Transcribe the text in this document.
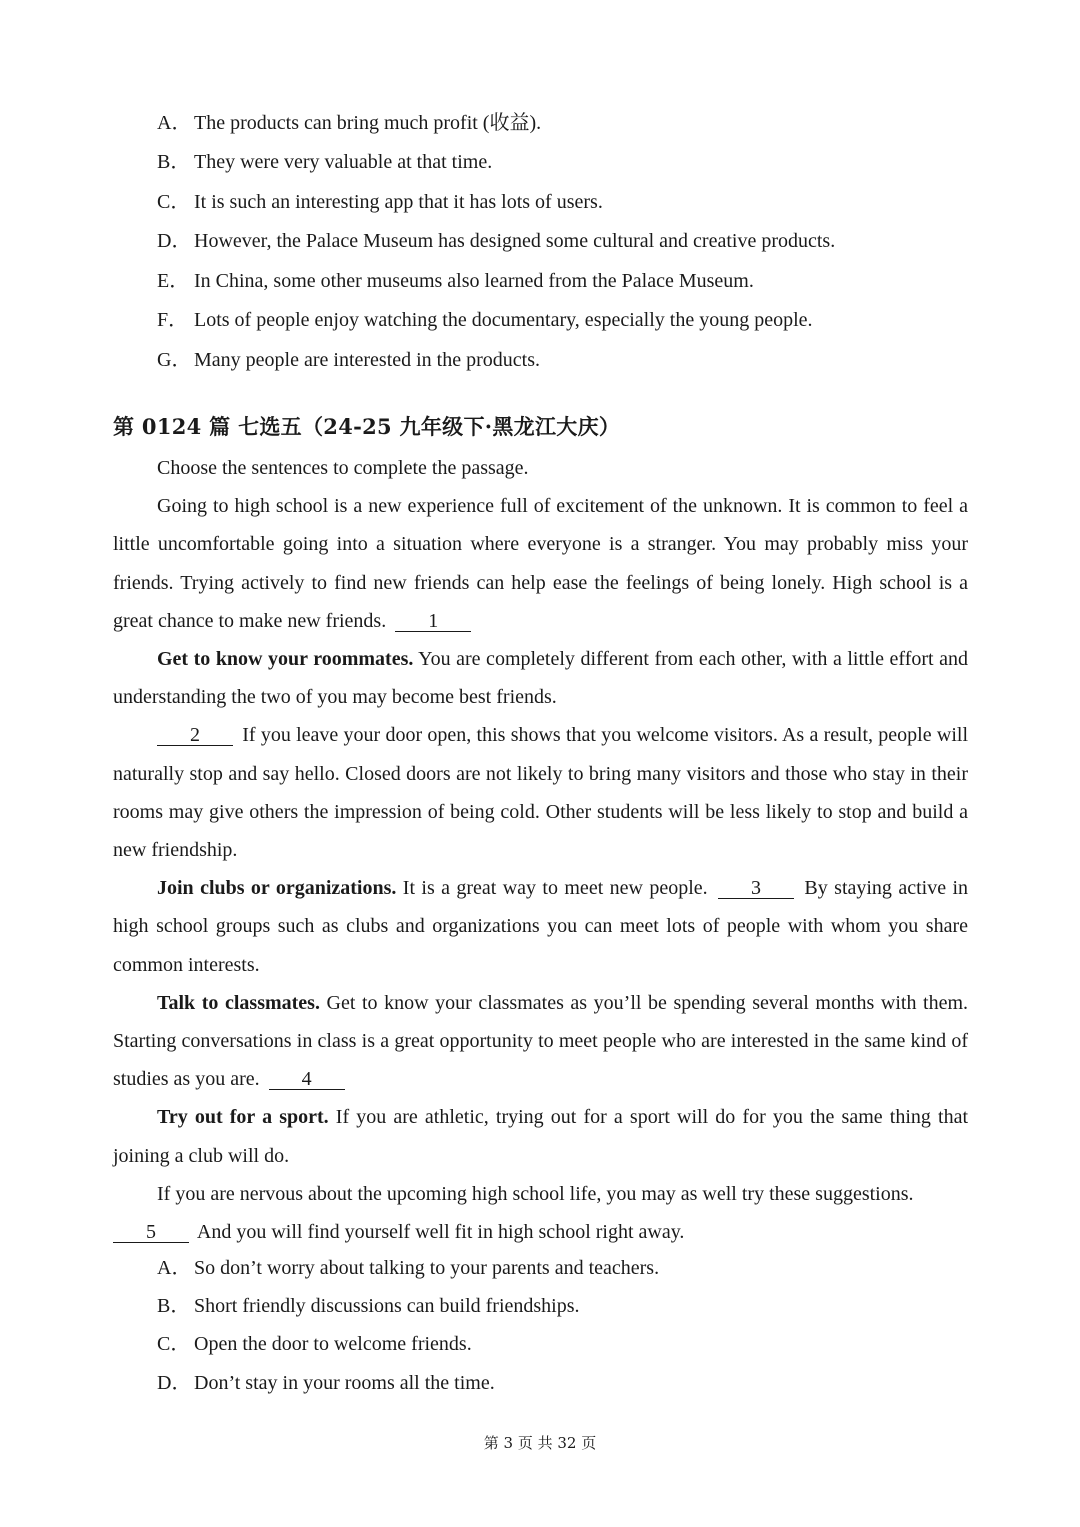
A． The products can bring much profit (收益).
B． They were very valuable at that time.
C． It is such an interesting app that it has lots of users.
D． However, the Palace Museum has designed some cultural and creative products.
E． In China, some other museums also learned from the Palace Museum.
F． Lots of people enjoy watching the documentary, especially the young people.
G． Many people are interested in the products.
第 0124 篇 七选五（24-25 九年级下·黑龙江大庆）

Choose the sentences to complete the passage.

Going to high school is a new experience full of excitement of the unknown. It is common to feel a little uncomfortable going into a situation where everyone is a stranger. You may probably miss your friends. Trying actively to find new friends can help ease the feelings of being lonely. High school is a great chance to make new friends. 1

Get to know your roommates. You are completely different from each other, with a little effort and understanding the two of you may become best friends.

2 If you leave your door open, this shows that you welcome visitors. As a result, people will naturally stop and say hello. Closed doors are not likely to bring many visitors and those who stay in their rooms may give others the impression of being cold. Other students will be less likely to stop and build a new friendship.

Join clubs or organizations. It is a great way to meet new people. 3 By staying active in high school groups such as clubs and organizations you can meet lots of people with whom you share common interests.

Talk to classmates. Get to know your classmates as you’ll be spending several months with them. Starting conversations in class is a great opportunity to meet people who are interested in the same kind of studies as you are. 4

Try out for a sport. If you are athletic, trying out for a sport will do for you the same thing that joining a club will do.

If you are nervous about the upcoming high school life, you may as well try these suggestions.

5 And you will find yourself well fit in high school right away.

A． So don’t worry about talking to your parents and teachers.
B． Short friendly discussions can build friendships.
C． Open the door to welcome friends.
D． Don’t stay in your rooms all the time.
第 3 页 共 32 页
